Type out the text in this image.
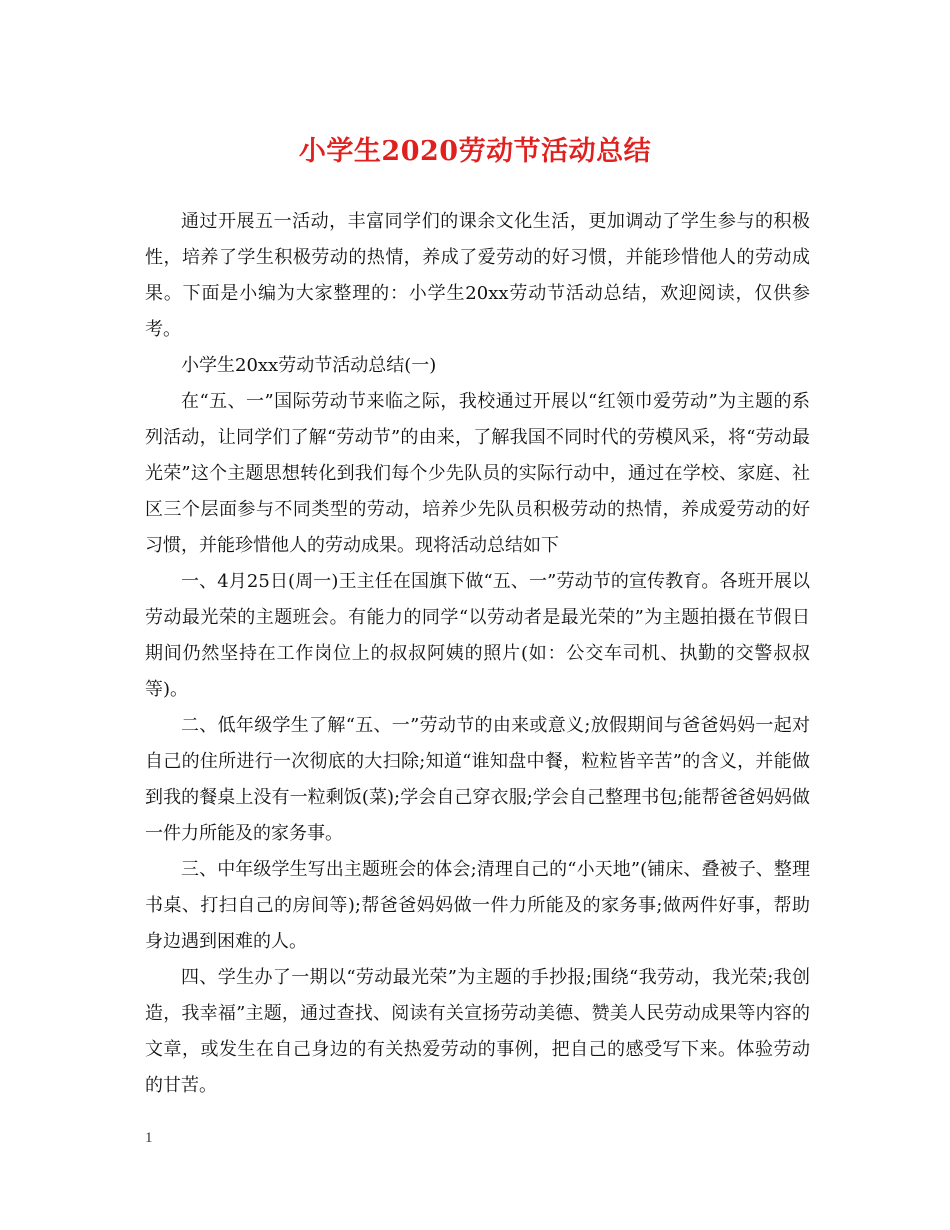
小学生2020劳动节活动总结

通过开展五一活动，丰富同学们的课余文化生活，更加调动了学生参与的积极性，培养了学生积极劳动的热情，养成了爱劳动的好习惯，并能珍惜他人的劳动成果。下面是小编为大家整理的：小学生20xx劳动节活动总结，欢迎阅读，仅供参考。

小学生20xx劳动节活动总结(一)

在“五、一”国际劳动节来临之际，我校通过开展以“红领巾爱劳动”为主题的系列活动，让同学们了解“劳动节”的由来，了解我国不同时代的劳模风采，将“劳动最光荣”这个主题思想转化到我们每个少先队员的实际行动中，通过在学校、家庭、社区三个层面参与不同类型的劳动，培养少先队员积极劳动的热情，养成爱劳动的好习惯，并能珍惜他人的劳动成果。现将活动总结如下

一、4月25日(周一)王主任在国旗下做“五、一”劳动节的宣传教育。各班开展以劳动最光荣的主题班会。有能力的同学“以劳动者是最光荣的”为主题拍摄在节假日期间仍然坚持在工作岗位上的叔叔阿姨的照片(如：公交车司机、执勤的交警叔叔等)。

二、低年级学生了解“五、一”劳动节的由来或意义;放假期间与爸爸妈妈一起对自己的住所进行一次彻底的大扫除;知道“谁知盘中餐，粒粒皆辛苦”的含义，并能做到我的餐桌上没有一粒剩饭(菜);学会自己穿衣服;学会自己整理书包;能帮爸爸妈妈做一件力所能及的家务事。

三、中年级学生写出主题班会的体会;清理自己的“小天地”(铺床、叠被子、整理书桌、打扫自己的房间等);帮爸爸妈妈做一件力所能及的家务事;做两件好事，帮助身边遇到困难的人。

四、学生办了一期以“劳动最光荣”为主题的手抄报;围绕“我劳动，我光荣;我创造，我幸福”主题，通过查找、阅读有关宣扬劳动美德、赞美人民劳动成果等内容的文章，或发生在自己身边的有关热爱劳动的事例，把自己的感受写下来。体验劳动的甘苦。

1
